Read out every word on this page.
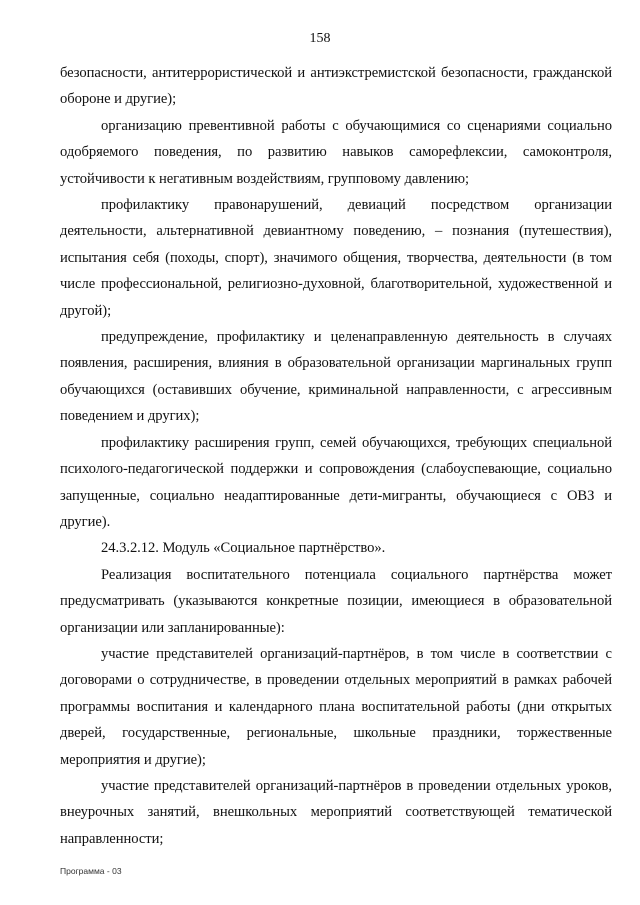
158

безопасности, антитеррористической и антиэкстремистской безопасности, гражданской обороне и другие);

организацию превентивной работы с обучающимися со сценариями социально одобряемого поведения, по развитию навыков саморефлексии, самоконтроля, устойчивости к негативным воздействиям, групповому давлению;

профилактику правонарушений, девиаций посредством организации деятельности, альтернативной девиантному поведению, – познания (путешествия), испытания себя (походы, спорт), значимого общения, творчества, деятельности (в том числе профессиональной, религиозно-духовной, благотворительной, художественной и другой);

предупреждение, профилактику и целенаправленную деятельность в случаях появления, расширения, влияния в образовательной организации маргинальных групп обучающихся (оставивших обучение, криминальной направленности, с агрессивным поведением и других);

профилактику расширения групп, семей обучающихся, требующих специальной психолого-педагогической поддержки и сопровождения (слабоуспевающие, социально запущенные, социально неадаптированные дети-мигранты, обучающиеся с ОВЗ и другие).

24.3.2.12. Модуль «Социальное партнёрство».

Реализация воспитательного потенциала социального партнёрства может предусматривать (указываются конкретные позиции, имеющиеся в образовательной организации или запланированные):

участие представителей организаций-партнёров, в том числе в соответствии с договорами о сотрудничестве, в проведении отдельных мероприятий в рамках рабочей программы воспитания и календарного плана воспитательной работы (дни открытых дверей, государственные, региональные, школьные праздники, торжественные мероприятия и другие);

участие представителей организаций-партнёров в проведении отдельных уроков, внеурочных занятий, внешкольных мероприятий соответствующей тематической направленности;

Программа - 03
